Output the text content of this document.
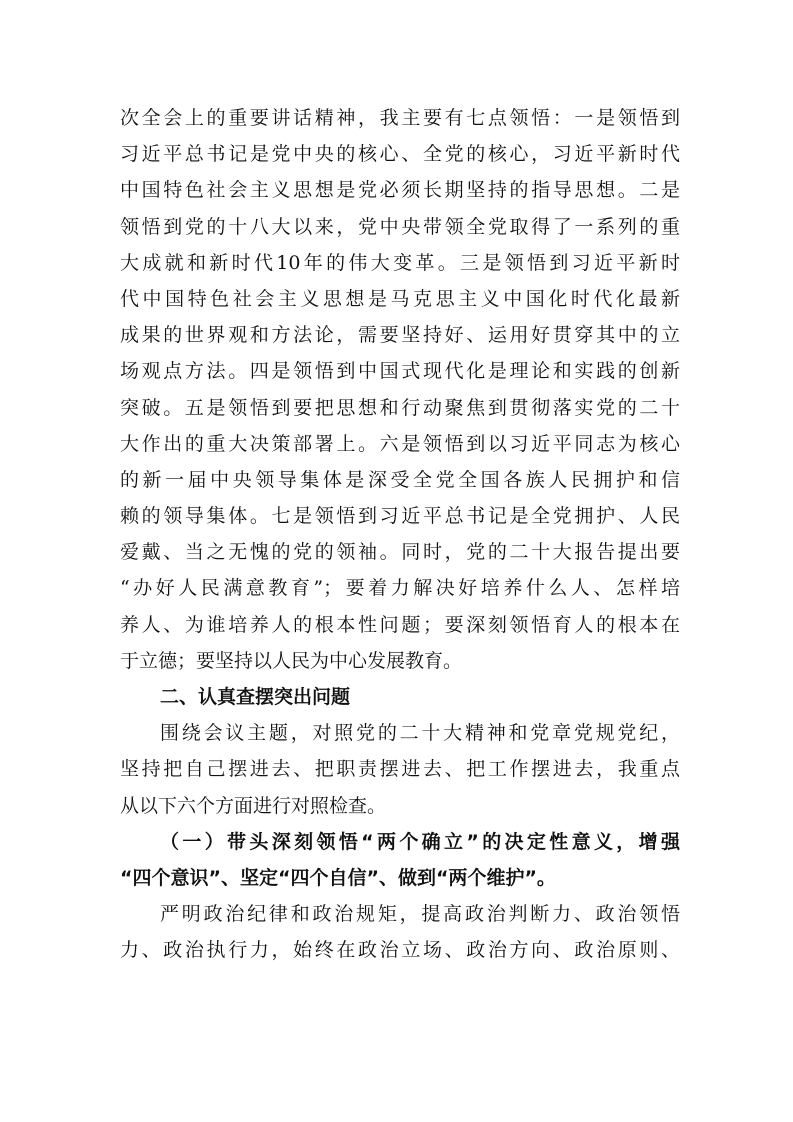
次全会上的重要讲话精神，我主要有七点领悟：一是领悟到
习近平总书记是党中央的核心、全党的核心，习近平新时代
中国特色社会主义思想是党必须长期坚持的指导思想。二是
领悟到党的十八大以来，党中央带领全党取得了一系列的重
大成就和新时代10年的伟大变革。三是领悟到习近平新时
代中国特色社会主义思想是马克思主义中国化时代化最新
成果的世界观和方法论，需要坚持好、运用好贯穿其中的立
场观点方法。四是领悟到中国式现代化是理论和实践的创新
突破。五是领悟到要把思想和行动聚焦到贯彻落实党的二十
大作出的重大决策部署上。六是领悟到以习近平同志为核心
的新一届中央领导集体是深受全党全国各族人民拥护和信
赖的领导集体。七是领悟到习近平总书记是全党拥护、人民
爱戴、当之无愧的党的领袖。同时，党的二十大报告提出要
“办好人民满意教育”；要着力解决好培养什么人、怎样培
养人、为谁培养人的根本性问题；要深刻领悟育人的根本在
于立德；要坚持以人民为中心发展教育。
二、认真查摆突出问题
围绕会议主题，对照党的二十大精神和党章党规党纪，
坚持把自己摆进去、把职责摆进去、把工作摆进去，我重点
从以下六个方面进行对照检查。
（一）带头深刻领悟“两个确立”的决定性意义，增强
“四个意识”、坚定“四个自信”、做到“两个维护”。
严明政治纪律和政治规矩，提高政治判断力、政治领悟
力、政治执行力，始终在政治立场、政治方向、政治原则、
